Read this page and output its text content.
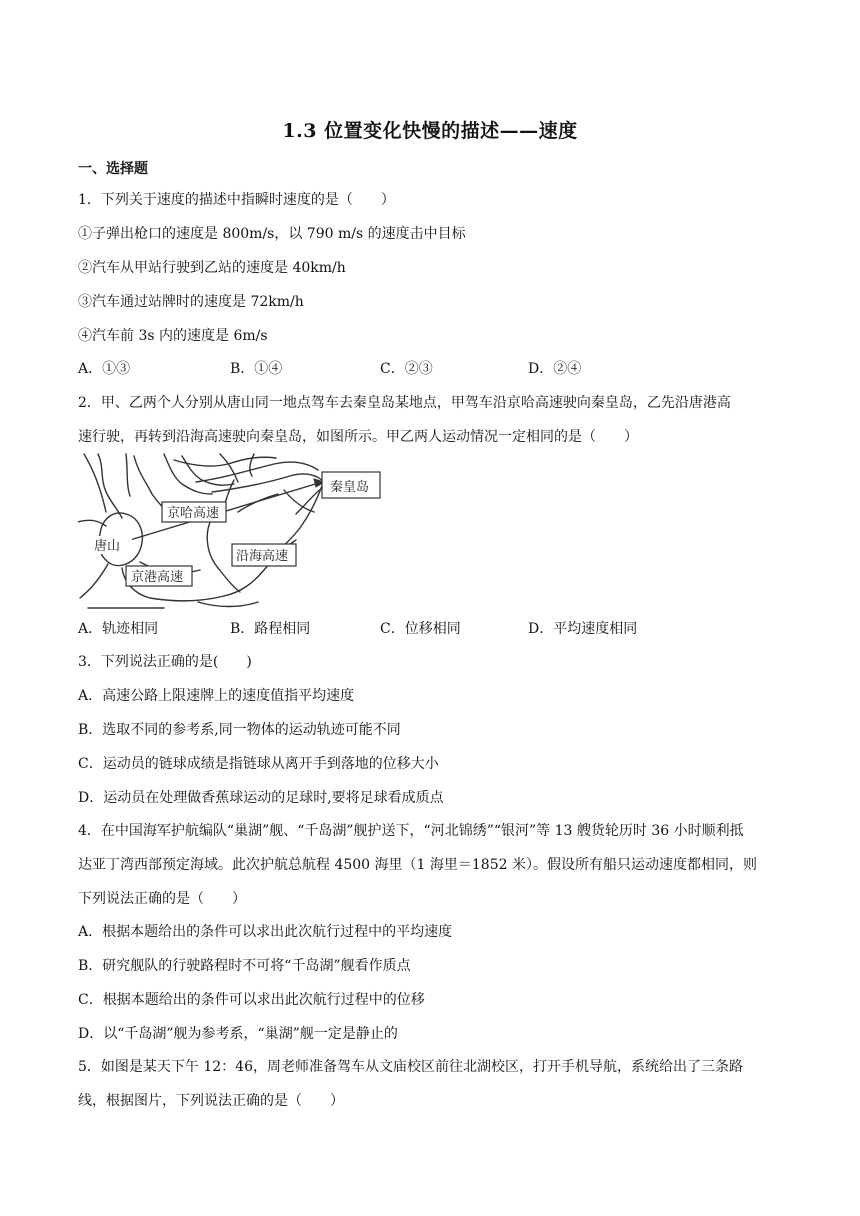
1.3 位置变化快慢的描述——速度
一、选择题
1．下列关于速度的描述中指瞬时速度的是（　　）
①子弹出枪口的速度是 800m/s，以 790 m/s 的速度击中目标
②汽车从甲站行驶到乙站的速度是 40km/h
③汽车通过站牌时的速度是 72km/h
④汽车前 3s 内的速度是 6m/s
A．①③	B．①④	C．②③	D．②④
2．甲、乙两个人分别从唐山同一地点驾车去秦皇岛某地点，甲驾车沿京哈高速驶向秦皇岛，乙先沿唐港高
速行驶，再转到沿海高速驶向秦皇岛，如图所示。甲乙两人运动情况一定相同的是（　　）
秦皇岛
京哈高速
唐山
沿海高速
京港高速
A．轨迹相同	B．路程相同	C．位移相同	D．平均速度相同
3．下列说法正确的是(　　)
A．高速公路上限速牌上的速度值指平均速度
B．选取不同的参考系,同一物体的运动轨迹可能不同
C．运动员的链球成绩是指链球从离开手到落地的位移大小
D．运动员在处理做香蕉球运动的足球时,要将足球看成质点
4．在中国海军护航编队“巢湖”舰、“千岛湖”舰护送下，“河北锦绣”“银河”等 13 艘货轮历时 36 小时顺利抵
达亚丁湾西部预定海域。此次护航总航程 4500 海里（1 海里＝1852 米）。假设所有船只运动速度都相同，则
下列说法正确的是（　　）
A．根据本题给出的条件可以求出此次航行过程中的平均速度
B．研究舰队的行驶路程时不可将“千岛湖”舰看作质点
C．根据本题给出的条件可以求出此次航行过程中的位移
D．以“千岛湖”舰为参考系，“巢湖”舰一定是静止的
5．如图是某天下午 12：46，周老师准备驾车从文庙校区前往北湖校区，打开手机导航，系统给出了三条路
线，根据图片，下列说法正确的是（　　）
